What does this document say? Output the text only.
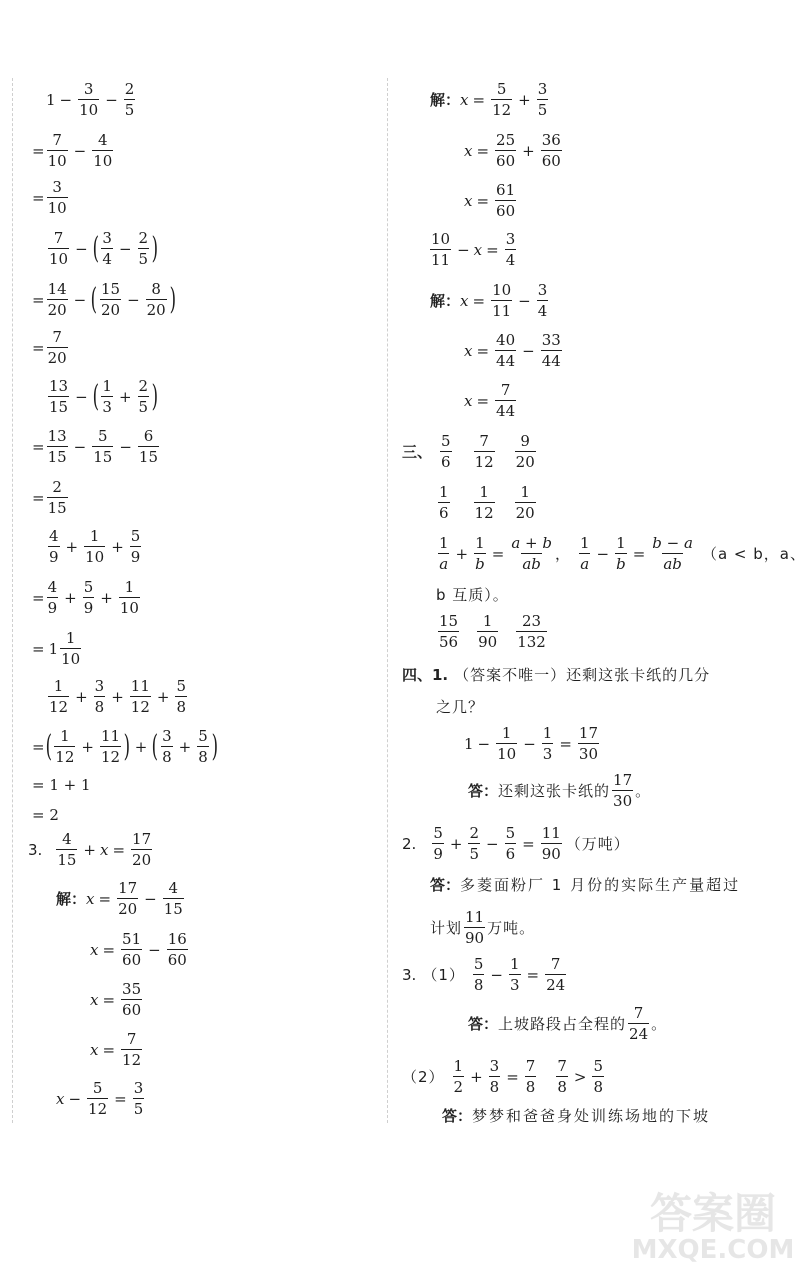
$1 - \frac{3}{10} - \frac{2}{5}$
= $\frac{7}{10} - \frac{4}{10}$
= $\frac{3}{10}$
$\frac{7}{10}$ − ( $\frac{3}{4} - \frac{2}{5}$ )
= $\frac{14}{20}$ − ( $\frac{15}{20} - \frac{8}{20}$ )
= $\frac{7}{20}$
$\frac{13}{15}$ − ( $\frac{1}{3} + \frac{2}{5}$ )
= $\frac{13}{15} - \frac{5}{15} - \frac{6}{15}$
= $\frac{2}{15}$
$\frac{4}{9} + \frac{1}{10} + \frac{5}{9}$
= $\frac{4}{9} + \frac{5}{9} + \frac{1}{10}$
= $1 \frac{1}{10}$
$\frac{1}{12} + \frac{3}{8} + \frac{11}{12} + \frac{5}{8}$
= ( $\frac{1}{12} + \frac{11}{12}$ ) + ( $\frac{3}{8} + \frac{5}{8}$ )
= 1 + 1
= 2
3. $\frac{4}{15} + x = \frac{17}{20}$
解： $x = \frac{17}{20} - \frac{4}{15}$
$x = \frac{51}{60} - \frac{16}{60}$
$x = \frac{35}{60}$
$x = \frac{7}{12}$
$x - \frac{5}{12} = \frac{3}{5}$
解： $x = \frac{5}{12} + \frac{3}{5}$
$x = \frac{25}{60} + \frac{36}{60}$
$x = \frac{61}{60}$
$\frac{10}{11} - x = \frac{3}{4}$
解： $x = \frac{10}{11} - \frac{3}{4}$
$x = \frac{40}{44} - \frac{33}{44}$
$x = \frac{7}{44}$
三、 $\frac{5}{6} \frac{7}{12} \frac{9}{20}$
$\frac{1}{6} \frac{1}{12} \frac{1}{20}$
$\frac{1}{a} + \frac{1}{b} = \frac{a + b}{ab}$ ， $\frac{1}{a} - \frac{1}{b} = \frac{b - a}{ab} (a < b$，a、
b 互质）。
$\frac{15}{56} \frac{1}{90} \frac{23}{132}$
四、1. （答案不唯一）还剩这张卡纸的几分
之几？
$1 - \frac{1}{10} - \frac{1}{3} = \frac{17}{30}$
答： 还剩这张卡纸的 $\frac{17}{30}$ 。
2. $\frac{5}{9} + \frac{2}{5} - \frac{5}{6} = \frac{11}{90}$ （万吨）
答：多菱面粉厂 1 月份的实际生产量超过
计划 $\frac{11}{90}$ 万吨。
3. $(1) \frac{5}{8} - \frac{1}{3} = \frac{7}{24}$
答： 上坡路段占全程的 $\frac{7}{24}$ 。
$(2) \frac{1}{2} + \frac{3}{8} = \frac{7}{8} \frac{7}{8} > \frac{5}{8}$
答：梦梦和爸爸身处训练场地的下坡
答案圈
MXQE.COM
